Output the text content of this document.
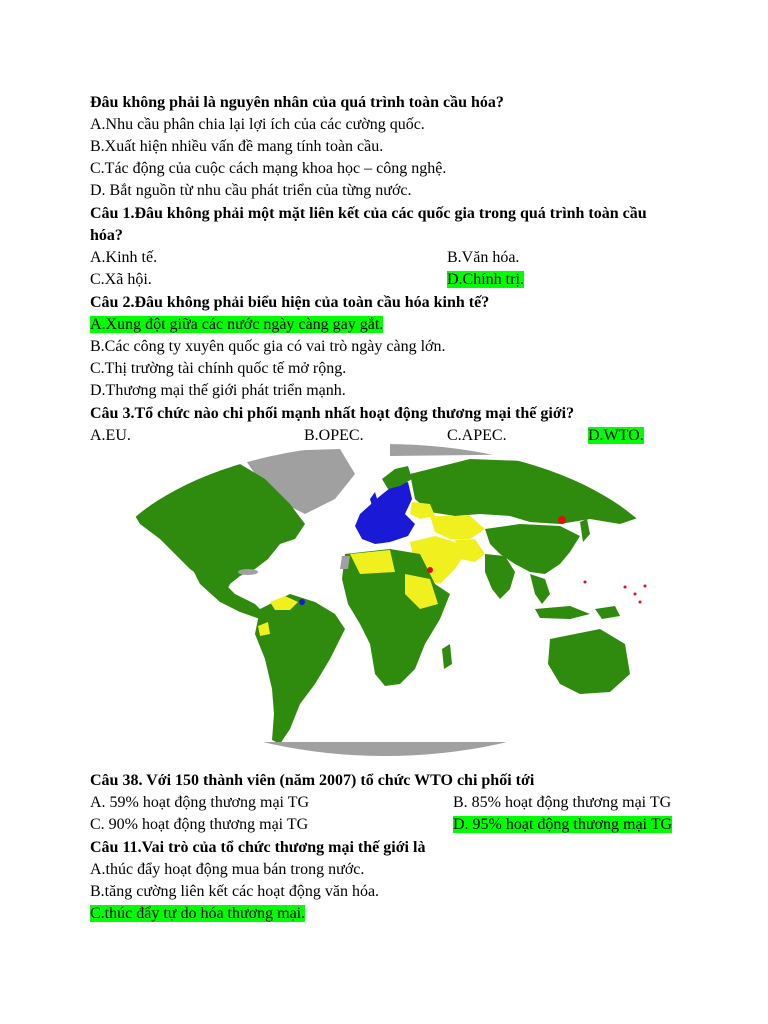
Đâu không phải là nguyên nhân của quá trình toàn cầu hóa?
A.Nhu cầu phân chia lại lợi ích của các cường quốc.
B.Xuất hiện nhiều vấn đề mang tính toàn cầu.
C.Tác động của cuộc cách mạng khoa học – công nghệ.
D. Bắt nguồn từ nhu cầu phát triển của từng nước.
Câu 1.Đâu không phải một mặt liên kết của các quốc gia trong quá trình toàn cầu
hóa?
A.Kinh tế.	B.Văn hóa.
C.Xã hội.	D.Chính trị.
Câu 2.Đâu không phải biểu hiện của toàn cầu hóa kinh tế?
A.Xung đột giữa các nước ngày càng gay gắt.
B.Các công ty xuyên quốc gia có vai trò ngày càng lớn.
C.Thị trường tài chính quốc tế mở rộng.
D.Thương mại thế giới phát triển mạnh.
Câu 3.Tổ chức nào chi phối mạnh nhất hoạt động thương mại thế giới?
A.EU.	B.OPEC.	C.APEC.	D.WTO.
Câu 38. Với 150 thành viên (năm 2007) tổ chức WTO chi phối tới
A. 59% hoạt động thương mại TG	B. 85% hoạt động thương mại TG
C. 90% hoạt động thương mại TG	D. 95% hoạt động thương mại TG
Câu 11.Vai trò của tổ chức thương mại thế giới là
A.thúc đẩy hoạt động mua bán trong nước.
B.tăng cường liên kết các hoạt động văn hóa.
C.thúc đẩy tự do hóa thương mại.
